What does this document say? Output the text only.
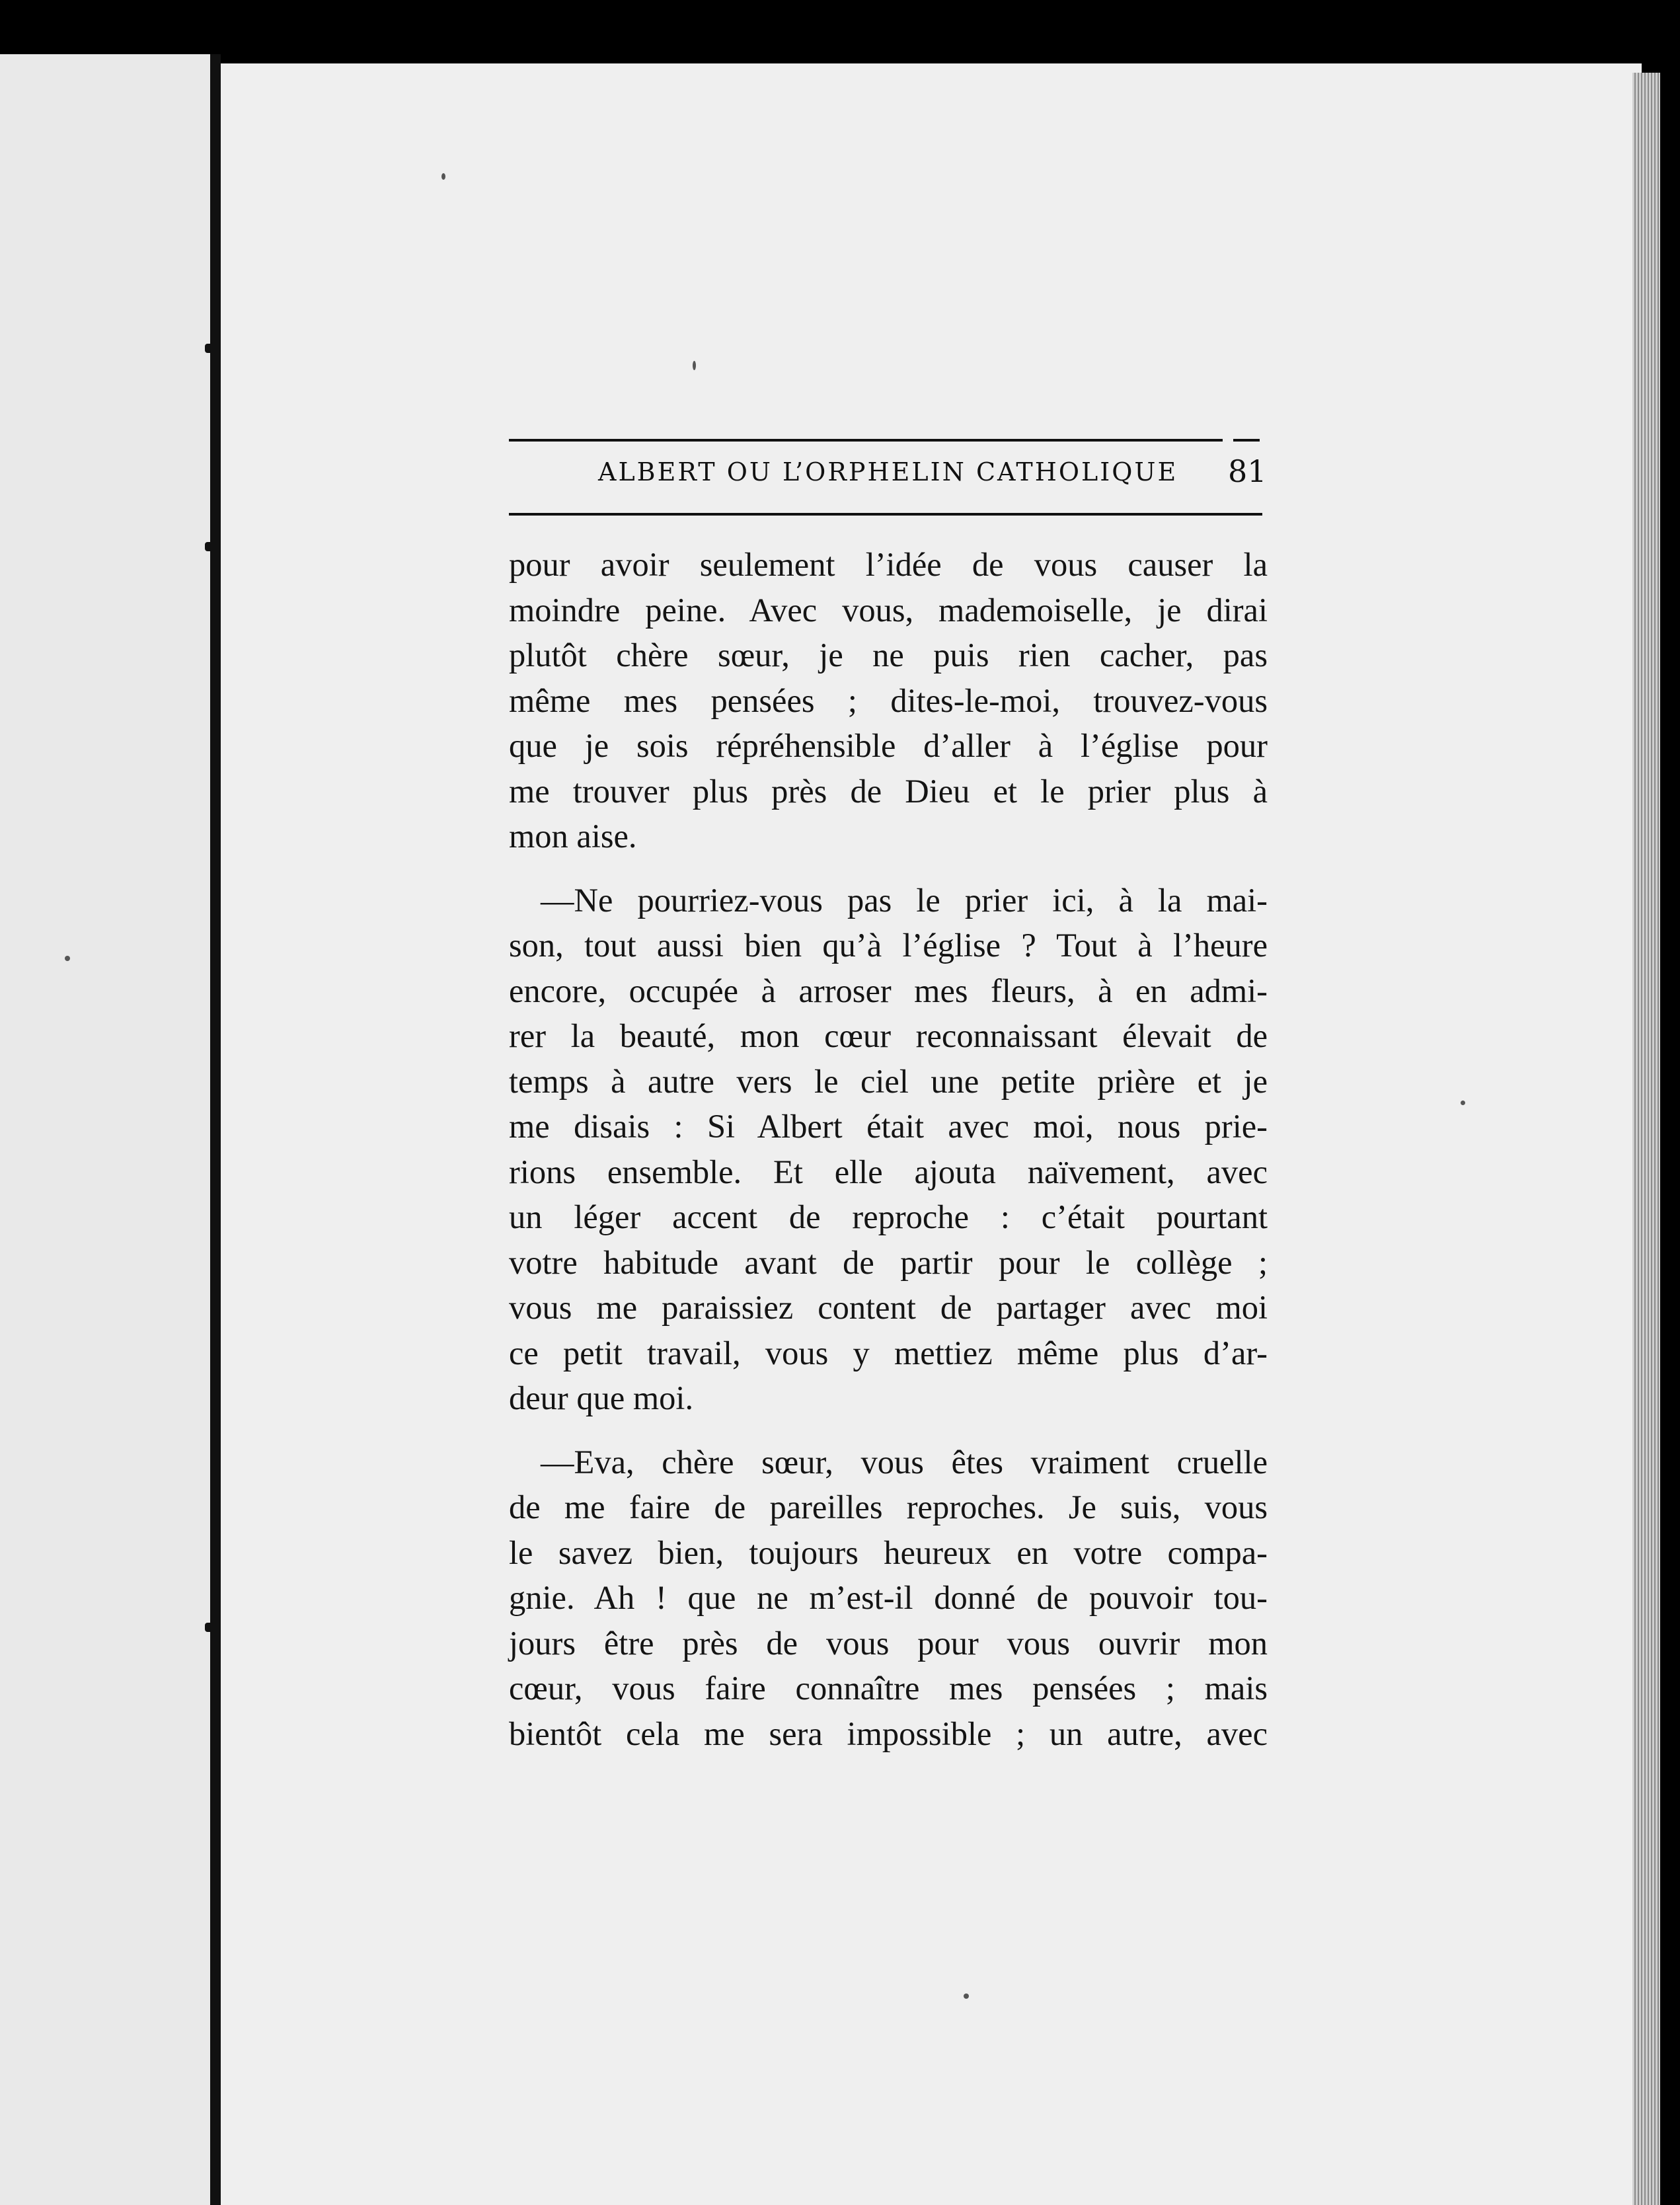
ALBERT OU L’ORPHELIN CATHOLIQUE 81

pour avoir seulement l’idée de vous causer la
moindre peine. Avec vous, mademoiselle, je dirai
plutôt chère sœur, je ne puis rien cacher, pas
même mes pensées ; dites-le-moi, trouvez-vous
que je sois répréhensible d’aller à l’église pour
me trouver plus près de Dieu et le prier plus à
mon aise.

—Ne pourriez-vous pas le prier ici, à la mai-
son, tout aussi bien qu’à l’église ? Tout à l’heure
encore, occupée à arroser mes fleurs, à en admi-
rer la beauté, mon cœur reconnaissant élevait de
temps à autre vers le ciel une petite prière et je
me disais : Si Albert était avec moi, nous prie-
rions ensemble. Et elle ajouta naïvement, avec
un léger accent de reproche : c’était pourtant
votre habitude avant de partir pour le collège ;
vous me paraissiez content de partager avec moi
ce petit travail, vous y mettiez même plus d’ar-
deur que moi.

—Eva, chère sœur, vous êtes vraiment cruelle
de me faire de pareilles reproches. Je suis, vous
le savez bien, toujours heureux en votre compa-
gnie. Ah ! que ne m’est-il donné de pouvoir tou-
jours être près de vous pour vous ouvrir mon
cœur, vous faire connaître mes pensées ; mais
bientôt cela me sera impossible ; un autre, avec
